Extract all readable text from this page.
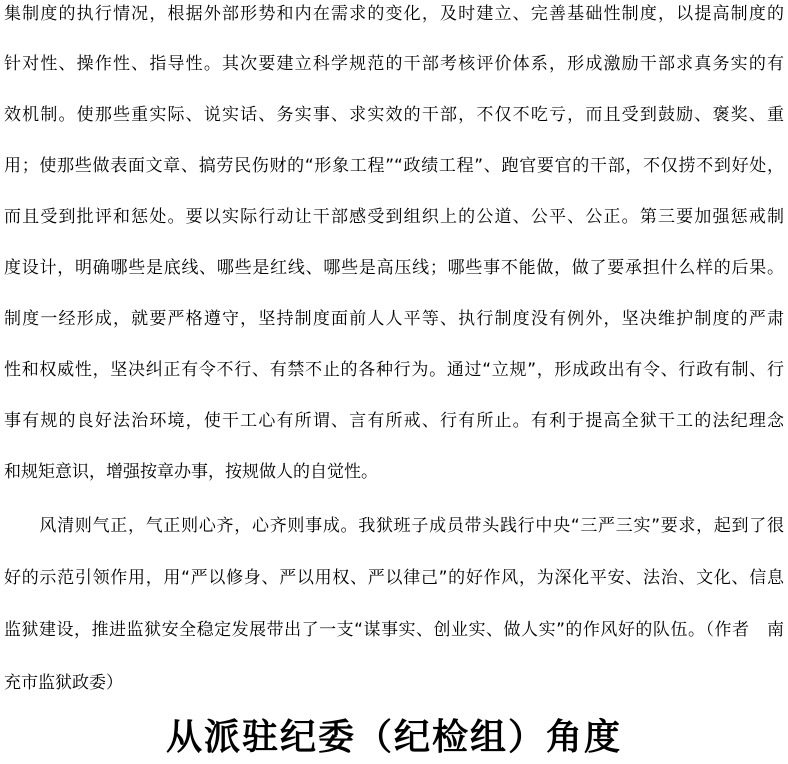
集制度的执行情况，根据外部形势和内在需求的变化，及时建立、完善基础性制度，以提高制度的
针对性、操作性、指导性。其次要建立科学规范的干部考核评价体系，形成激励干部求真务实的有
效机制。使那些重实际、说实话、务实事、求实效的干部，不仅不吃亏，而且受到鼓励、褒奖、重
用；使那些做表面文章、搞劳民伤财的“形象工程”“政绩工程”、跑官要官的干部，不仅捞不到好处，
而且受到批评和惩处。要以实际行动让干部感受到组织上的公道、公平、公正。第三要加强惩戒制
度设计，明确哪些是底线、哪些是红线、哪些是高压线；哪些事不能做，做了要承担什么样的后果。
制度一经形成，就要严格遵守，坚持制度面前人人平等、执行制度没有例外，坚决维护制度的严肃
性和权威性，坚决纠正有令不行、有禁不止的各种行为。通过“立规”，形成政出有令、行政有制、行
事有规的良好法治环境，使干工心有所谓、言有所戒、行有所止。有利于提高全狱干工的法纪理念
和规矩意识，增强按章办事，按规做人的自觉性。
　　风清则气正，气正则心齐，心齐则事成。我狱班子成员带头践行中央“三严三实”要求，起到了很
好的示范引领作用，用“严以修身、严以用权、严以律己”的好作风，为深化平安、法治、文化、信息
监狱建设，推进监狱安全稳定发展带出了一支“谋事实、创业实、做人实”的作风好的队伍。（作者　南
充市监狱政委）
从派驻纪委（纪检组）角度
